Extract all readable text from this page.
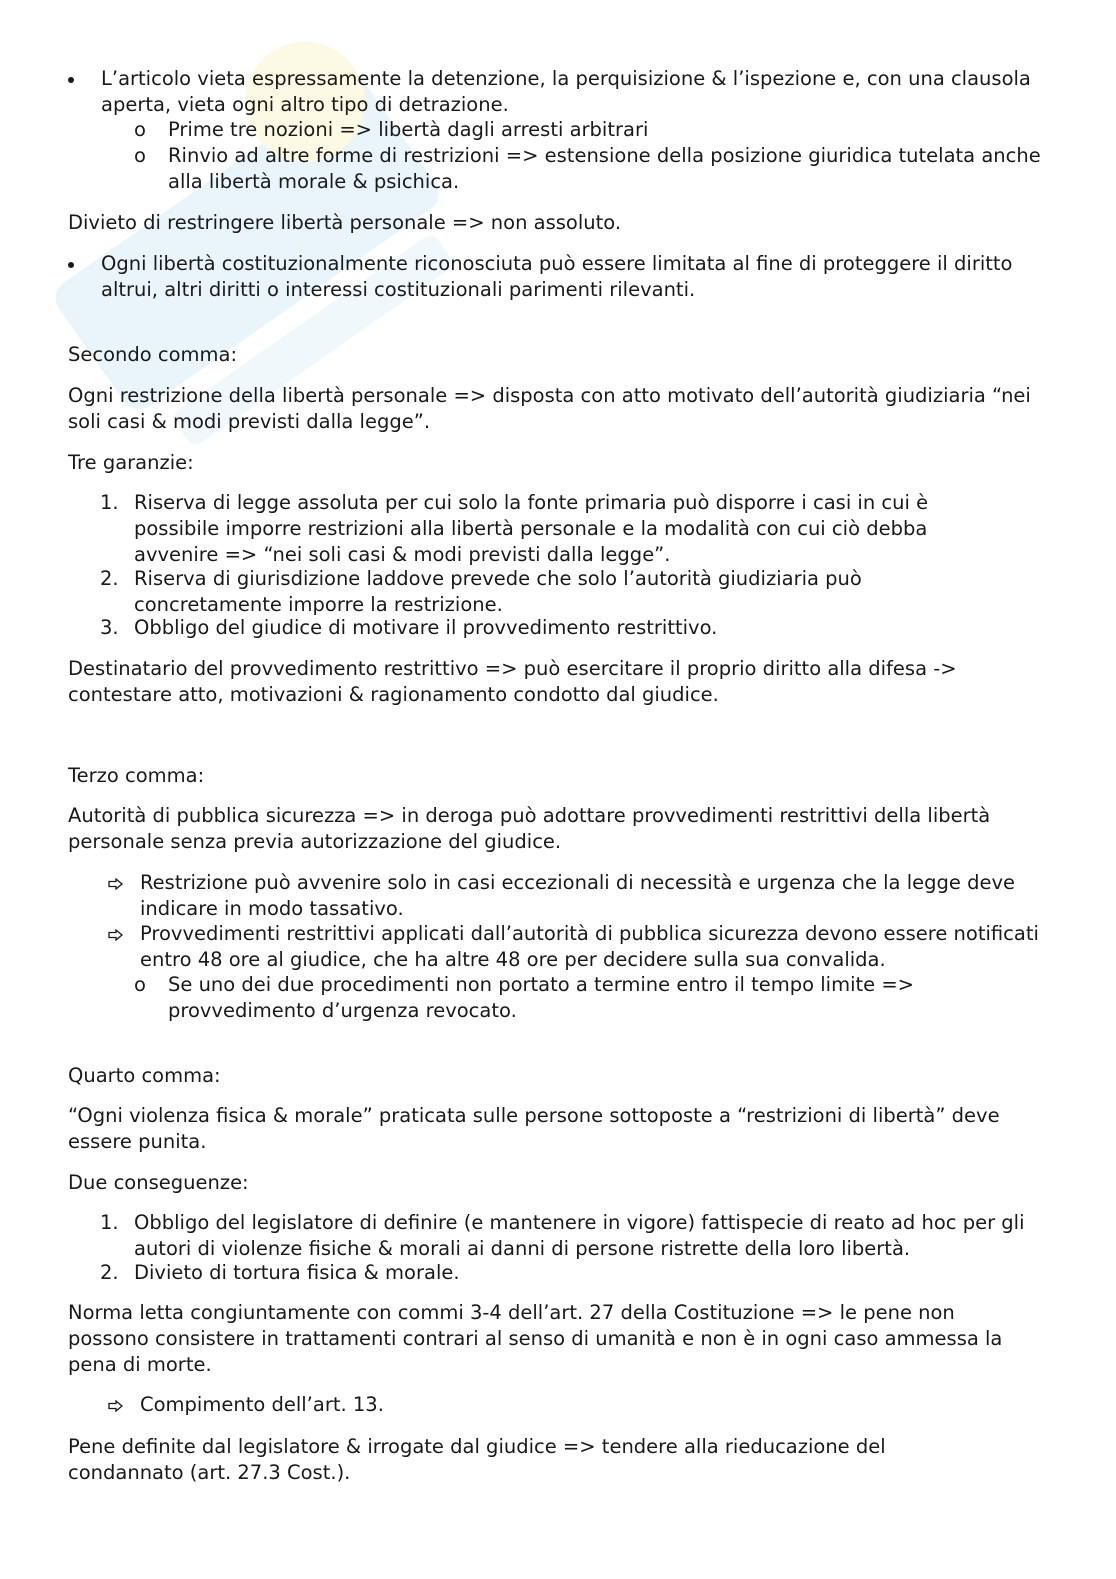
L’articolo vieta espressamente la detenzione, la perquisizione & l’ispezione e, con una clausola aperta, vieta ogni altro tipo di detrazione.
o Prime tre nozioni => libertà dagli arresti arbitrari
o Rinvio ad altre forme di restrizioni => estensione della posizione giuridica tutelata anche alla libertà morale & psichica.

Divieto di restringere libertà personale => non assoluto.

Ogni libertà costituzionalmente riconosciuta può essere limitata al fine di proteggere il diritto altrui, altri diritti o interessi costituzionali parimenti rilevanti.

Secondo comma:

Ogni restrizione della libertà personale => disposta con atto motivato dell’autorità giudiziaria “nei soli casi & modi previsti dalla legge”.

Tre garanzie:

1. Riserva di legge assoluta per cui solo la fonte primaria può disporre i casi in cui è possibile imporre restrizioni alla libertà personale e la modalità con cui ciò debba avvenire => “nei soli casi & modi previsti dalla legge”.
2. Riserva di giurisdizione laddove prevede che solo l’autorità giudiziaria può concretamente imporre la restrizione.
3. Obbligo del giudice di motivare il provvedimento restrittivo.

Destinatario del provvedimento restrittivo => può esercitare il proprio diritto alla difesa -> contestare atto, motivazioni & ragionamento condotto dal giudice.

Terzo comma:

Autorità di pubblica sicurezza => in deroga può adottare provvedimenti restrittivi della libertà personale senza previa autorizzazione del giudice.

Restrizione può avvenire solo in casi eccezionali di necessità e urgenza che la legge deve indicare in modo tassativo.
Provvedimenti restrittivi applicati dall’autorità di pubblica sicurezza devono essere notificati entro 48 ore al giudice, che ha altre 48 ore per decidere sulla sua convalida.
o Se uno dei due procedimenti non portato a termine entro il tempo limite => provvedimento d’urgenza revocato.

Quarto comma:

“Ogni violenza fisica & morale” praticata sulle persone sottoposte a “restrizioni di libertà” deve essere punita.

Due conseguenze:

1. Obbligo del legislatore di definire (e mantenere in vigore) fattispecie di reato ad hoc per gli autori di violenze fisiche & morali ai danni di persone ristrette della loro libertà.
2. Divieto di tortura fisica & morale.

Norma letta congiuntamente con commi 3-4 dell’art. 27 della Costituzione => le pene non possono consistere in trattamenti contrari al senso di umanità e non è in ogni caso ammessa la pena di morte.

Compimento dell’art. 13.

Pene definite dal legislatore & irrogate dal giudice => tendere alla rieducazione del condannato (art. 27.3 Cost.).
